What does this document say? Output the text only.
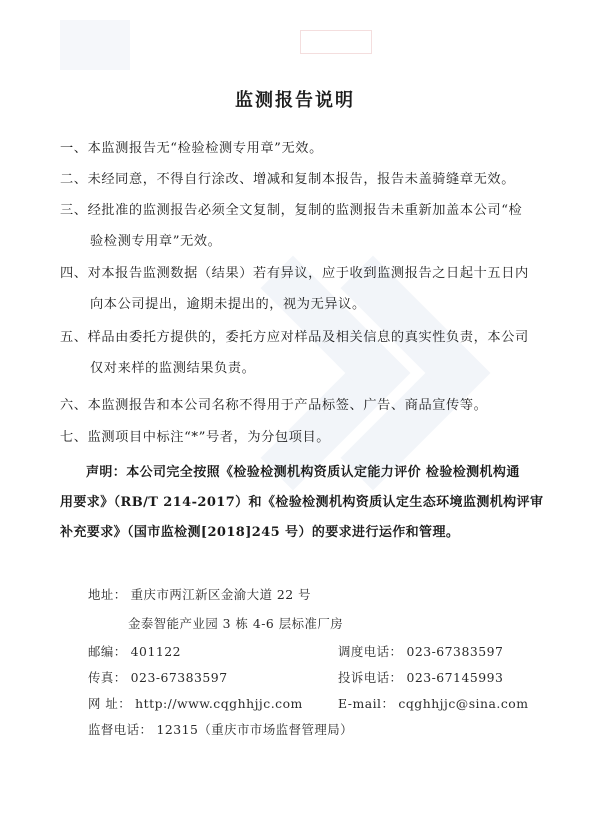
监测报告说明
一、本监测报告无“检验检测专用章”无效。
二、未经同意，不得自行涂改、增减和复制本报告，报告未盖骑缝章无效。
三、经批准的监测报告必须全文复制，复制的监测报告未重新加盖本公司“检
验检测专用章”无效。
四、对本报告监测数据（结果）若有异议，应于收到监测报告之日起十五日内
向本公司提出，逾期未提出的，视为无异议。
五、样品由委托方提供的，委托方应对样品及相关信息的真实性负责，本公司
仅对来样的监测结果负责。
六、本监测报告和本公司名称不得用于产品标签、广告、商品宣传等。
七、监测项目中标注“*”号者，为分包项目。
声明：本公司完全按照《检验检测机构资质认定能力评价 检验检测机构通
用要求》（RB/T 214-2017）和《检验检测机构资质认定生态环境监测机构评审
补充要求》（国市监检测[2018]245 号）的要求进行运作和管理。
地址： 重庆市两江新区金渝大道 22 号
金泰智能产业园 3 栋 4-6 层标准厂房
邮编： 401122	调度电话： 023-67383597
传真： 023-67383597	投诉电话： 023-67145993
网 址： http://www.cqghhjjc.com	E-mail： cqghhjjc@sina.com
监督电话： 12315（重庆市市场监督管理局）
